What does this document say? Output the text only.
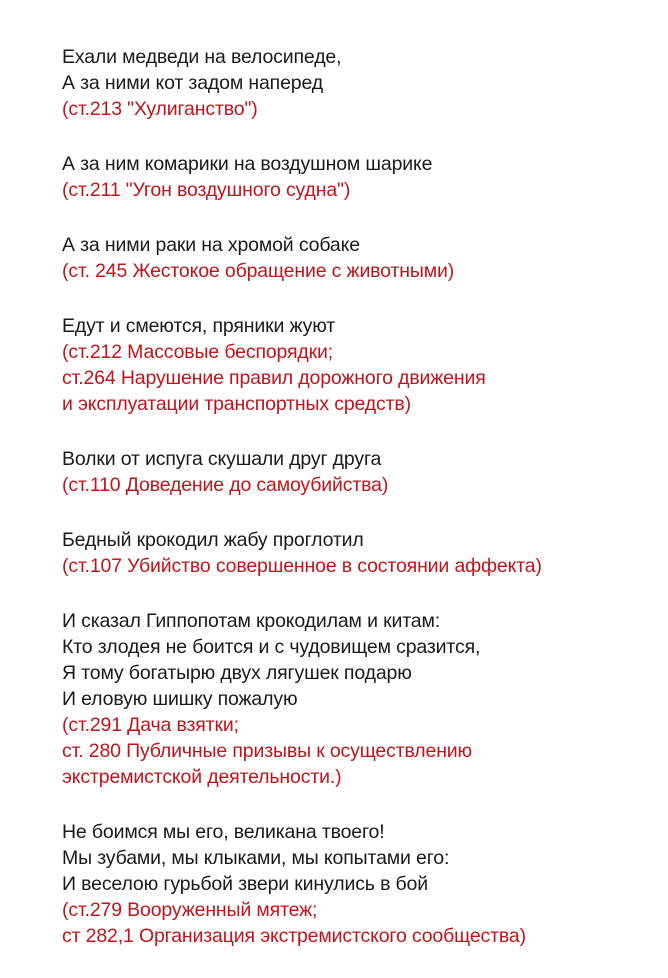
Ехали медведи на велосипеде,
А за ними кот задом наперед
(ст.213 "Хулиганство")
А за ним комарики на воздушном шарике
(ст.211 "Угон воздушного судна")
А за ними раки на хромой собаке
(ст. 245 Жестокое обращение с животными)
Едут и смеются, пряники жуют
(ст.212 Массовые беспорядки;
ст.264 Нарушение правил дорожного движения
и эксплуатации транспортных средств)
Волки от испуга скушали друг друга
(ст.110 Доведение до самоубийства)
Бедный крокодил жабу проглотил
(ст.107 Убийство совершенное в состоянии аффекта)
И сказал Гиппопотам крокодилам и китам:
Кто злодея не боится и с чудовищем сразится,
Я тому богатырю двух лягушек подарю
И еловую шишку пожалую
(ст.291 Дача взятки;
ст. 280 Публичные призывы к осуществлению
экстремистской деятельности.)
Не боимся мы его, великана твоего!
Мы зубами, мы клыками, мы копытами его:
И веселою гурьбой звери кинулись в бой
(ст.279 Вооруженный мятеж;
ст 282,1 Организация экстремистского сообщества)
